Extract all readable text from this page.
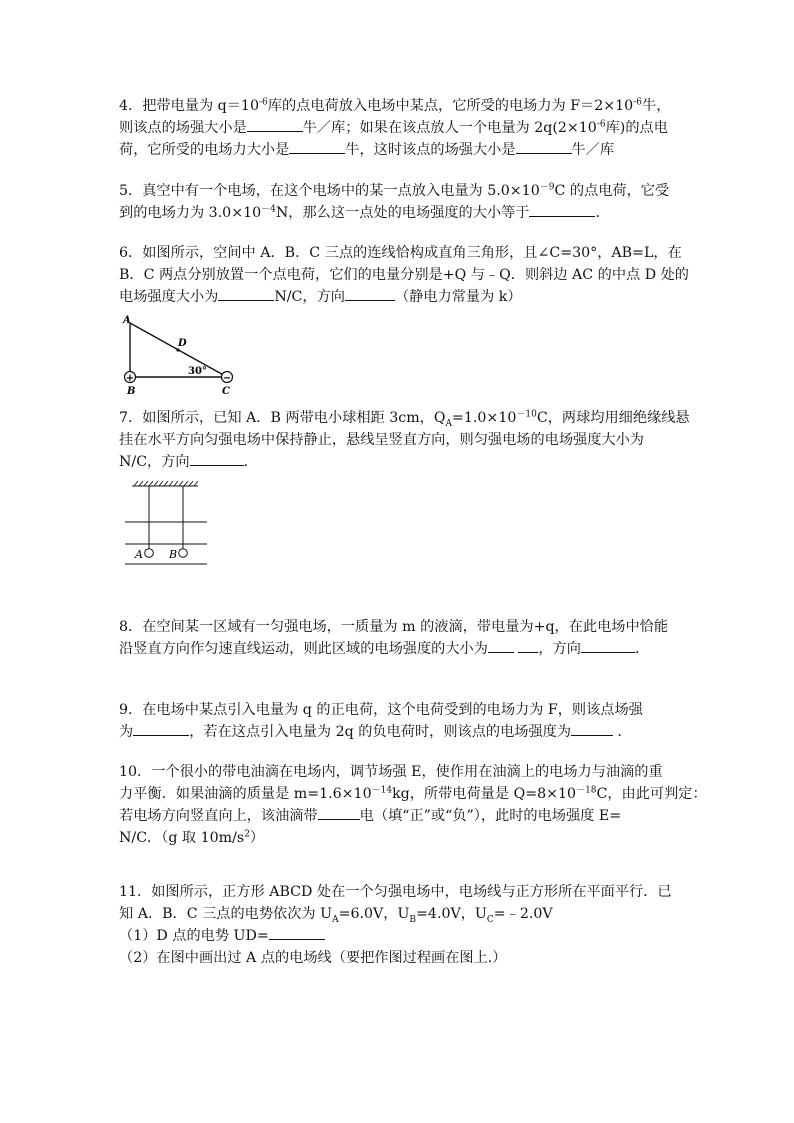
4．把带电量为 $q=10^{-6}$库的点电荷放入电场中某点，它所受的电场力为 $F=2\times 10^{-6}$牛，

则该点的场强大小是	牛／库；如果在该点放人一个电量为 $2q(2\times 10^{-6}$库)的点电

荷，它所受的电场力大小是	牛，这时该点的场强大小是	牛／库

5．真空中有一个电场，在这个电场中的某一点放入电量为 $5.0\times 10^{-9}C$ 的点电荷，它受

到的电场力为 $3.0\times 10^{-4}N$，那么这一点处的电场强度的大小等于	．

6．如图所示，空间中 A．B．C 三点的连线恰构成直角三角形，且∠C=30°，AB=L，在

B．C 两点分别放置一个点电荷，它们的电量分别是+Q 与﹣Q．则斜边 AC 的中点 D 处的

电场强度大小为	N/C，方向	（静电力常量为 k）

+	−
A
B	C
D
30°

7．如图所示，已知 A．B 两带电小球相距 3cm，$Q_A=1.0\times 10^{-10}C$，两球均用细绝缘线悬

挂在水平方向匀强电场中保持静止，悬线呈竖直方向，则匀强电场的电场强度大小为

N/C，方向	．

A B

8．在空间某一区域有一匀强电场，一质量为 m 的液滴，带电量为+q，在此电场中恰能

沿竖直方向作匀速直线运动，则此区域的电场强度的大小为	，方向	．

9．在电场中某点引入电量为 q 的正电荷，这个电荷受到的电场力为 F，则该点场强

为	，若在这点引入电量为 2q 的负电荷时，则该点的电场强度为	．

10．一个很小的带电油滴在电场内，调节场强 E，使作用在油滴上的电场力与油滴的重

力平衡．如果油滴的质量是 $m=1.6\times 10^{-14}kg$，所带电荷量是 $Q=8\times 10^{-18}C$，由此可判定：

若电场方向竖直向上，该油滴带	电（填“正”或“负”），此时的电场强度 E=

N/C．（g 取 $10m/s^2$）

11．如图所示，正方形 ABCD 处在一个匀强电场中，电场线与正方形所在平面平行．已

知 A．B．C 三点的电势依次为 $U_A=6.0V$，$U_B=4.0V$，$U_C=﹣2.0V$

（1）D 点的电势 UD=

（2）在图中画出过 A 点的电场线（要把作图过程画在图上.）
